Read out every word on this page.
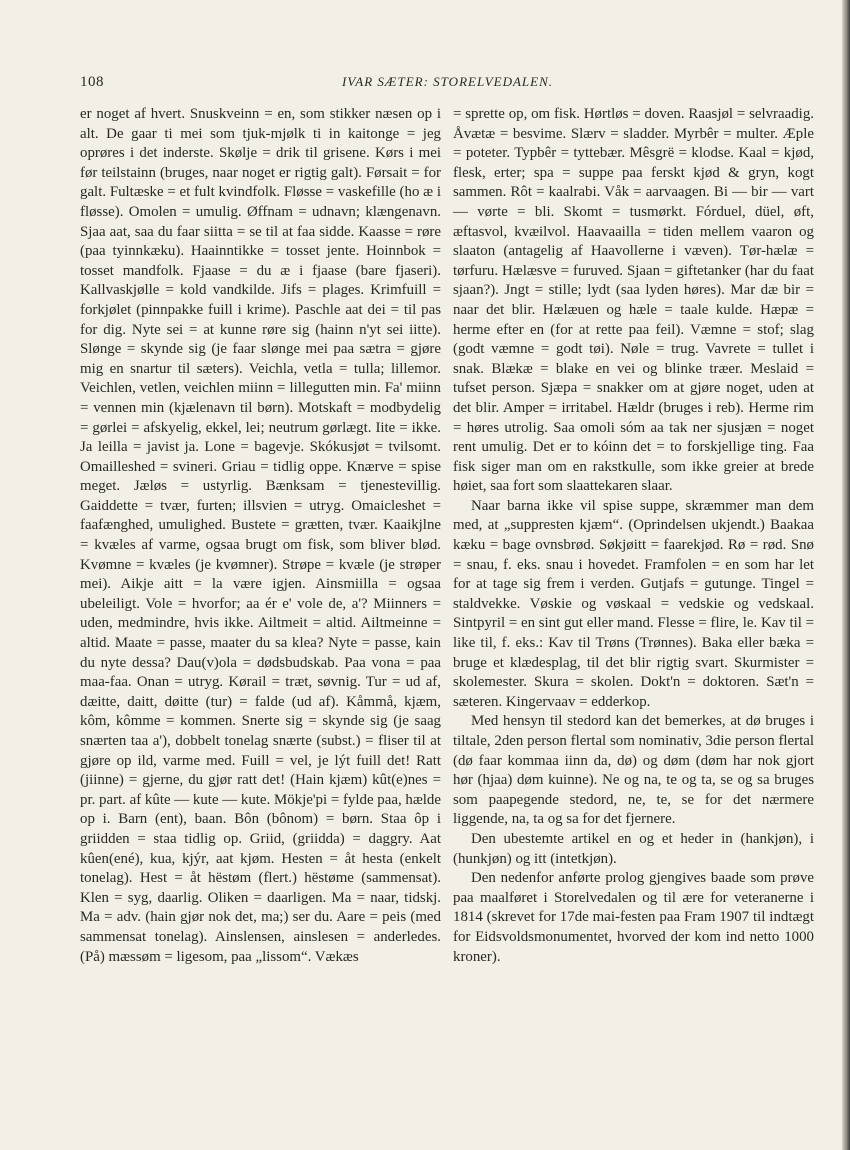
108	IVAR SÆTER: STORELVEDALEN.

er noget af hvert. Snuskveinn = en, som stikker næsen op i alt. De gaar ti mei som tjuk-mjølk ti in kaitonge = jeg oprøres i det inderste. Skølje = drik til grisene. Kørs i mei før teilstainn (bruges, naar noget er rigtig galt). Førsait = for galt. Fultæske = et fult kvindfolk. Fløsse = vaskefille (ho æ i fløsse). Omolen = umulig. Øffnam = udnavn; klængenavn. Sjaa aat, saa du faar siitta = se til at faa sidde. Kaasse = røre (paa tyinnkæku). Haainntikke = tosset jente. Hoinnbok = tosset mandfolk. Fjaase = du æ i fjaase (bare fjaseri). Kallvaskjølle = kold vandkilde. Jifs = plages. Krimfuill = forkjølet (pinnpakke fuill i krime). Paschle aat dei = til pas for dig. Nyte sei = at kunne røre sig (hainn n'yt sei iitte). Slønge = skynde sig (je faar slønge mei paa sætra = gjøre mig en snartur til sæters). Veichla, vetla = tulla; lillemor. Veichlen, vetlen, veichlen miinn = lillegutten min. Fa' miinn = vennen min (kjælenavn til børn). Motskaft = modbydelig = gørlei = afskyelig, ekkel, lei; neutrum gørlægt. Iite = ikke. Ja leilla = javist ja. Lone = bagevje. Skókusjøt = tvilsomt. Omailleshed = svineri. Griau = tidlig oppe. Knærve = spise meget. Jæløs = ustyrlig. Bænksam = tjenestevillig. Gaiddette = tvær, furten; illsvien = utryg. Omaicleshet = faafænghed, umulighed. Bustete = grætten, tvær. Kaaikjlne = kvæles af varme, ogsaa brugt om fisk, som bliver blød. Kvømne = kvæles (je kvømner). Strøpe = kvæle (je strøper mei). Aikje aitt = la være igjen. Ainsmiilla = ogsaa ubeleiligt. Vole = hvorfor; aa ér e' vole de, a'? Miinners = uden, medmindre, hvis ikke. Ailtmeit = altid. Ailtmeinne = altid. Maate = passe, maater du sa klea? Nyte = passe, kain du nyte dessa? Dau(v)ola = dødsbudskab. Paa vona = paa maa-faa. Onan = utryg. Kørail = træt, søvnig. Tur = ud af, dæitte, daitt, døitte (tur) = falde (ud af). Kåmmå, kjæm, kôm, kômme = kommen. Snerte sig = skynde sig (je saag snærten taa a'), dobbelt tonelag snærte (subst.) = fliser til at gjøre op ild, varme med. Fuill = vel, je lýt fuill det! Ratt (jiinne) = gjerne, du gjør ratt det! (Hain kjæm) kût(e)nes = pr. part. af kûte — kute — kute. Mökje'pi = fylde paa, hælde op i. Barn (ent), baan. Bôn (bônom) = børn. Staa ôp i griidden = staa tidlig op. Griid, (griidda) = daggry. Aat kûen(ené), kua, kjýr, aat kjøm. Hesten = åt hesta (enkelt tonelag). Hest = åt hëstøm (flert.) hëstøme (sammensat). Klen = syg, daarlig. Oliken = daarligen. Ma = naar, tidskj. Ma = adv. (hain gjør nok det, ma;) ser du. Aare = peis (med sammensat tonelag). Ainslensen, ainslesen = anderledes. (På) mæssøm = ligesom, paa „lissom“. Vækæs

= sprette op, om fisk. Hørtløs = doven. Raasjøl = selvraadig. Åvætæ = besvime. Slærv = sladder. Myrbêr = multer. Æple = poteter. Typbêr = tyttebær. Mêsgrë = klodse. Kaal = kjød, flesk, erter; spa = suppe paa ferskt kjød & gryn, kogt sammen. Rôt = kaalrabi. Våk = aarvaagen. Bi — bir — vart — vørte = bli. Skomt = tusmørkt. Fórduel, düel, øft, æftasvol, kvæilvol. Haavaailla = tiden mellem vaaron og slaaton (antagelig af Haavollerne i væven). Tør-hælæ = tørfuru. Hælæsve = furuved. Sjaan = giftetanker (har du faat sjaan?). Jngt = stille; lydt (saa lyden høres). Mar dæ bir = naar det blir. Hælæuen og hæle = taale kulde. Hæpæ = herme efter en (for at rette paa feil). Væmne = stof; slag (godt væmne = godt tøi). Nøle = trug. Vavrete = tullet i snak. Blækæ = blake en vei og blinke træer. Meslaid = tufset person. Sjæpa = snakker om at gjøre noget, uden at det blir. Amper = irritabel. Hældr (bruges i reb). Herme rim = høres utrolig. Saa omoli sóm aa tak ner sjusjæn = noget rent umulig. Det er to kóinn det = to forskjellige ting. Faa fisk siger man om en rakstkulle, som ikke greier at brede høiet, saa fort som slaattekaren slaar.

Naar barna ikke vil spise suppe, skræmmer man dem med, at „suppresten kjæm“. (Oprindelsen ukjendt.) Baakaa kæku = bage ovnsbrød. Søkjøitt = faarekjød. Rø = rød. Snø = snau, f. eks. snau i hovedet. Framfolen = en som har let for at tage sig frem i verden. Gutjafs = gutunge. Tingel = staldvekke. Vøskie og vøskaal = vedskie og vedskaal. Sintpyril = en sint gut eller mand. Flesse = flire, le. Kav til = like til, f. eks.: Kav til Trøns (Trønnes). Baka eller bæka = bruge et klædesplag, til det blir rigtig svart. Skurmister = skolemester. Skura = skolen. Dokt'n = doktoren. Sæt'n = sæteren. Kingervaav = edderkop.

Med hensyn til stedord kan det bemerkes, at dø bruges i tiltale, 2den person flertal som nominativ, 3die person flertal (dø faar kommaa iinn da, dø) og døm (døm har nok gjort hør (hjaa) døm kuinne). Ne og na, te og ta, se og sa bruges som paapegende stedord, ne, te, se for det nærmere liggende, na, ta og sa for det fjernere.

Den ubestemte artikel en og et heder in (hankjøn), i (hunkjøn) og itt (intetkjøn).

Den nedenfor anførte prolog gjengives baade som prøve paa maalføret i Storelvedalen og til ære for veteranerne i 1814 (skrevet for 17de mai-festen paa Fram 1907 til indtægt for Eidsvoldsmonumentet, hvorved der kom ind netto 1000 kroner).
